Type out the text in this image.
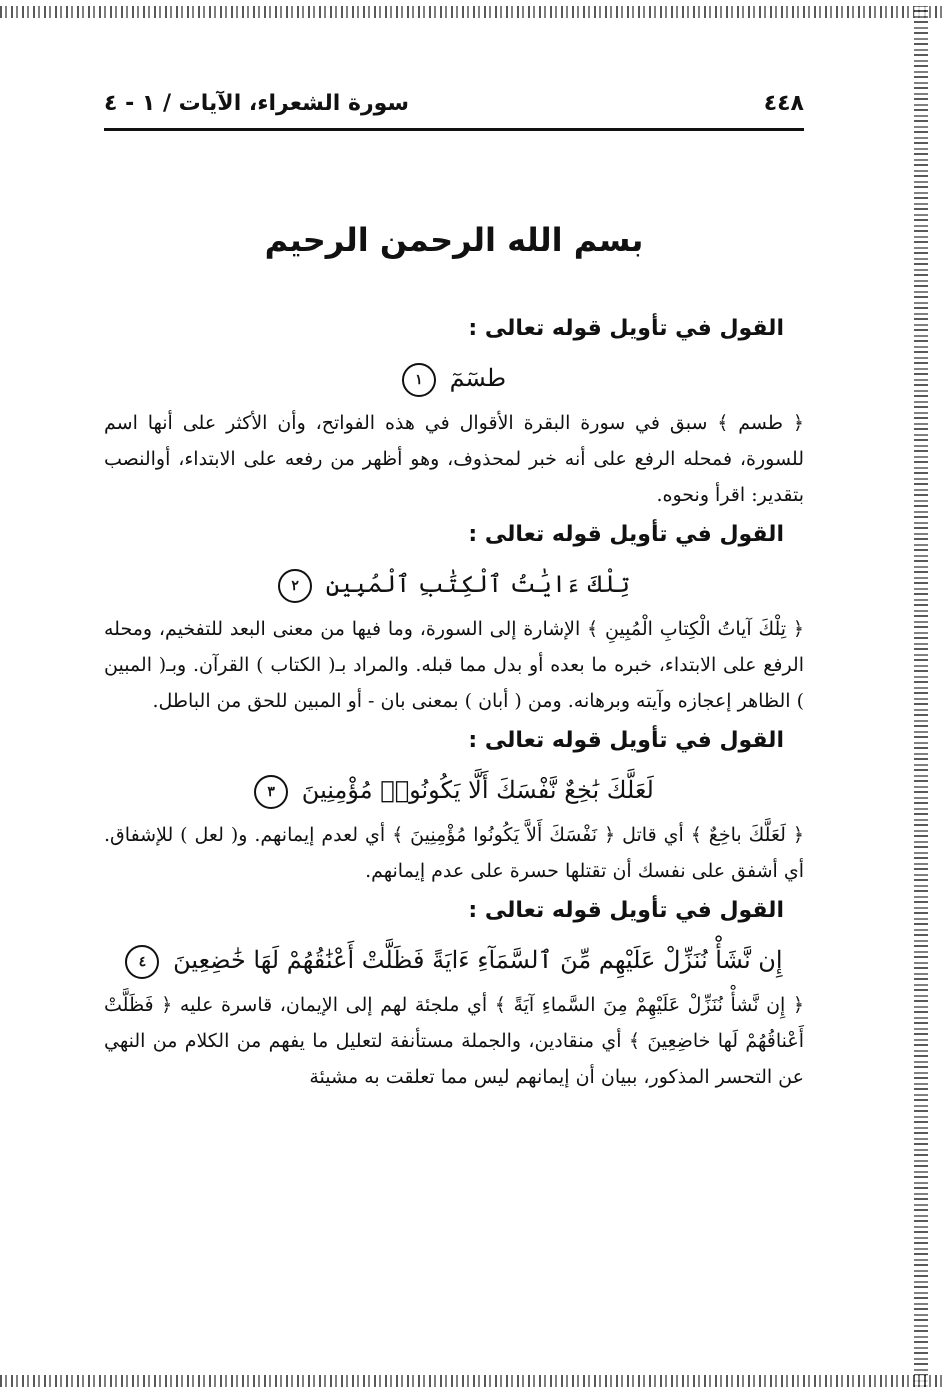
٤٤٨
سورة الشعراء، الآيات / ١ - ٤
بسم الله الرحمن الرحيم
القول في تأويل قوله تعالى :
طسٓمٓ ١

﴿ طسم ﴾ سبق في سورة البقرة الأقوال في هذه الفواتح، وأن الأكثر على أنها اسم للسورة، فمحله الرفع على أنه خبر لمحذوف، وهو أظهر من رفعه على الابتداء، أوالنصب بتقدير: اقرأ ونحوه.

القول في تأويل قوله تعالى :
تِلْكَ ءَايَٰتُ ٱلْكِتَٰبِ ٱلْمُبِينِ ٢

﴿ تِلْكَ آياتُ الْكِتابِ الْمُبِينِ ﴾ الإشارة إلى السورة، وما فيها من معنى البعد للتفخيم، ومحله الرفع على الابتداء، خبره ما بعده أو بدل مما قبله. والمراد بـ( الكتاب ) القرآن. وبـ( المبين ) الظاهر إعجازه وآيته وبرهانه. ومن ( أبان ) بمعنى بان - أو المبين للحق من الباطل.

القول في تأويل قوله تعالى :
لَعَلَّكَ بَٰخِعٌ نَّفْسَكَ أَلَّا يَكُونُوا۟ مُؤْمِنِينَ ٣

﴿ لَعَلَّكَ باخِعٌ ﴾ أي قاتل ﴿ نَفْسَكَ أَلاَّ يَكُونُوا مُؤْمِنِينَ ﴾ أي لعدم إيمانهم. و( لعل ) للإشفاق. أي أشفق على نفسك أن تقتلها حسرة على عدم إيمانهم.

القول في تأويل قوله تعالى :
إِن نَّشَأْ نُنَزِّلْ عَلَيْهِم مِّنَ ٱلسَّمَآءِ ءَايَةً فَظَلَّتْ أَعْنَٰقُهُمْ لَهَا خَٰضِعِينَ ٤

﴿ إِن نَّشأْ نُنَزِّلْ عَلَيْهِمْ مِنَ السَّماءِ آيَةً ﴾ أي ملجئة لهم إلى الإيمان، قاسرة عليه ﴿ فَظَلَّتْ أَعْناقُهُمْ لَها خاضِعِينَ ﴾ أي منقادين، والجملة مستأنفة لتعليل ما يفهم من الكلام من النهي عن التحسر المذكور، ببيان أن إيمانهم ليس مما تعلقت به مشيئة
